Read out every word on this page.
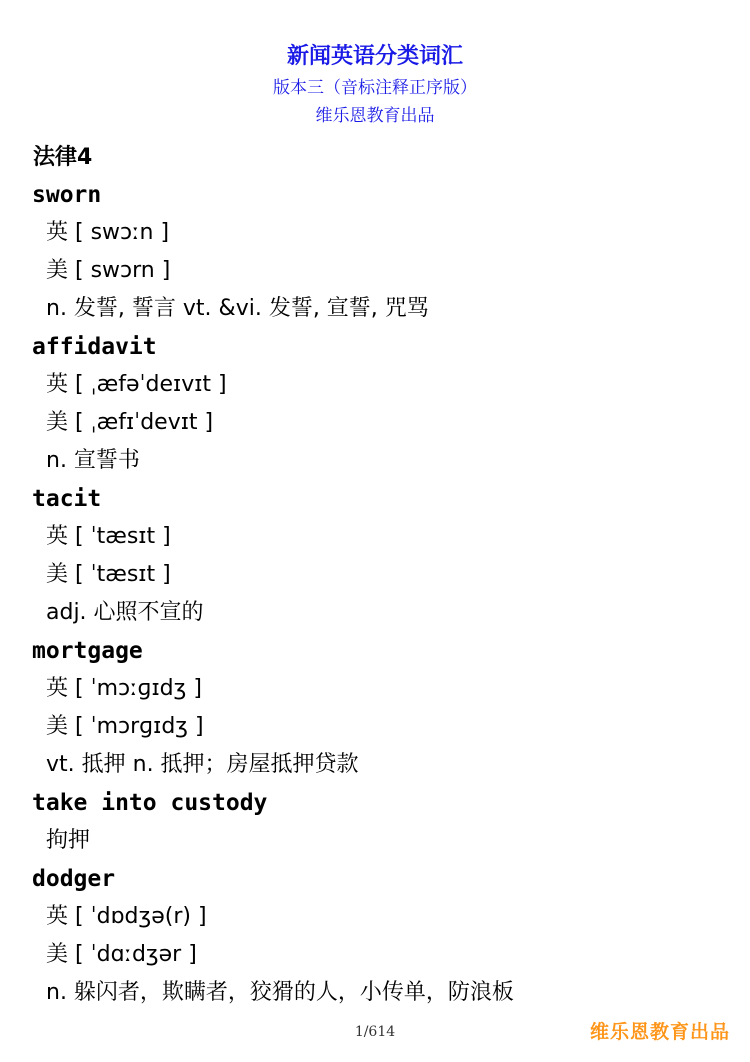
新闻英语分类词汇
版本三（音标注释正序版）
维乐恩教育出品
法律4
sworn
英 [ swɔːn ]
美 [ swɔrn ]
n. 发誓, 誓言 vt. &vi. 发誓, 宣誓, 咒骂
affidavit
英 [ ˌæfəˈdeɪvɪt ]
美 [ ˌæfɪˈdevɪt ]
n. 宣誓书
tacit
英 [ ˈtæsɪt ]
美 [ ˈtæsɪt ]
adj. 心照不宣的
mortgage
英 [ ˈmɔːɡɪdʒ ]
美 [ ˈmɔrɡɪdʒ ]
vt. 抵押 n. 抵押；房屋抵押贷款
take into custody
拘押
dodger
英 [ ˈdɒdʒə(r) ]
美 [ ˈdɑːdʒər ]
n. 躲闪者，欺瞒者，狡猾的人，小传单，防浪板
1/614	维乐恩教育出品
